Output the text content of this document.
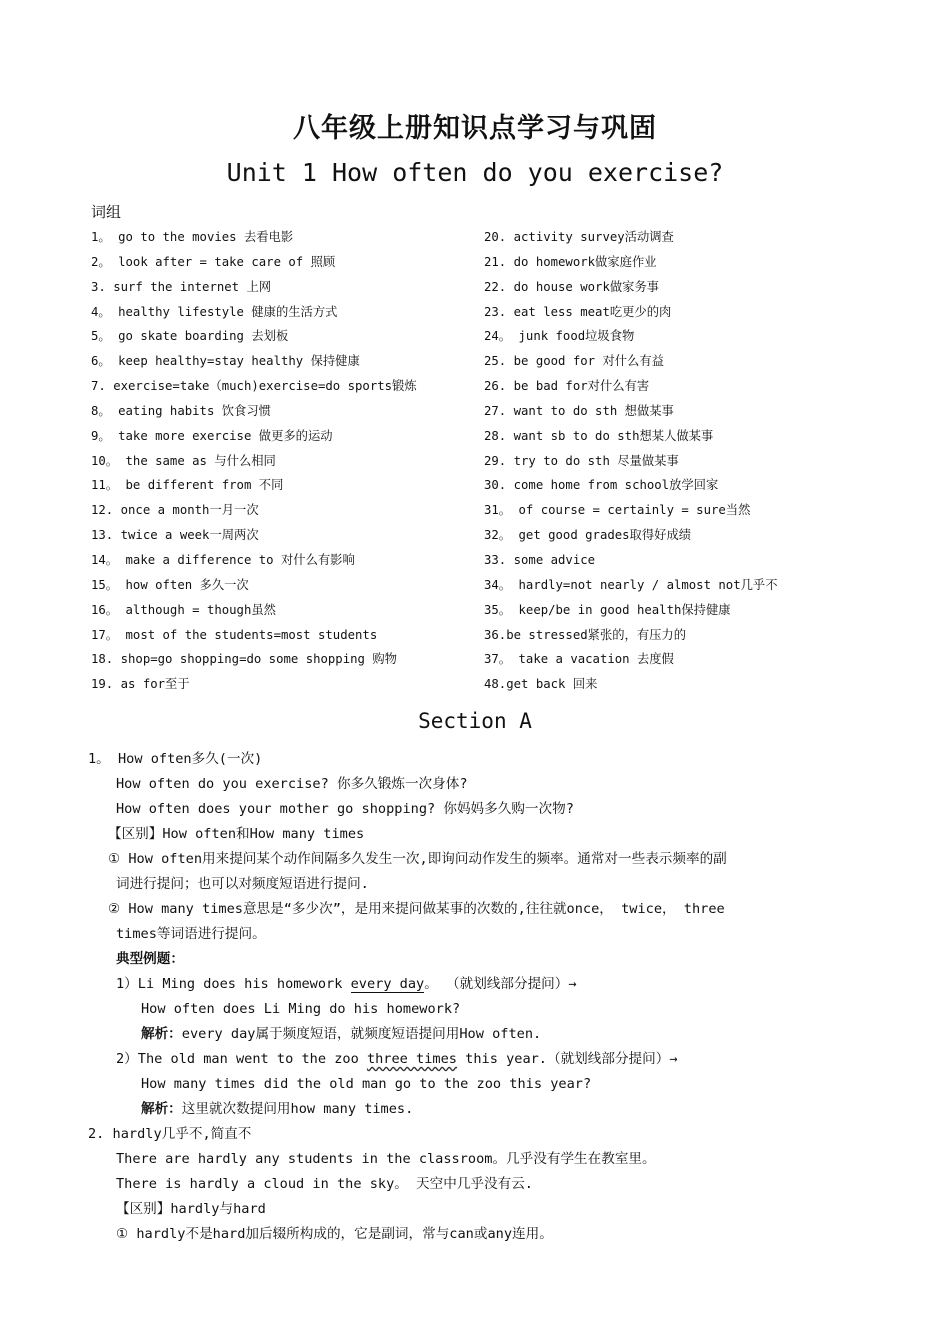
八年级上册知识点学习与巩固
Unit 1 How often do you exercise?
词组
1。 go to the movies 去看电影
2。 look after = take care of 照顾
3. surf the internet 上网
4。 healthy lifestyle 健康的生活方式
5。 go skate boarding 去划板
6。 keep healthy=stay healthy 保持健康
7. exercise=take（much)exercise=do sports锻炼
8。 eating habits 饮食习惯
9。 take more exercise 做更多的运动
10。 the same as 与什么相同
11。 be different from 不同
12. once a month一月一次
13. twice a week一周两次
14。 make a difference to 对什么有影响
15。 how often 多久一次
16。 although = though虽然
17。 most of the students=most students
18. shop=go shopping=do some shopping 购物
19. as for至于
20. activity survey活动调查
21. do homework做家庭作业
22. do house work做家务事
23. eat less meat吃更少的肉
24。 junk food垃圾食物
25. be good for 对什么有益
26. be bad for对什么有害
27. want to do sth 想做某事
28. want sb to do sth想某人做某事
29. try to do sth 尽量做某事
30. come home from school放学回家
31。 of course = certainly = sure当然
32。 get good grades取得好成绩
33. some advice
34。 hardly=not nearly / almost not几乎不
35。 keep/be in good health保持健康
36.be stressed紧张的，有压力的
37。 take a vacation 去度假
48.get back 回来
Section A
1。 How often多久(一次)
How often do you exercise? 你多久锻炼一次身体?
How often does your mother go shopping? 你妈妈多久购一次物?
【区别】How often和How many times
① How often用来提问某个动作间隔多久发生一次,即询问动作发生的频率。通常对一些表示频率的副
词进行提问；也可以对频度短语进行提问.
② How many times意思是“多少次”，是用来提问做某事的次数的,往往就once， twice， three
times等词语进行提问。
典型例题：
1）Li Ming does his homework every day。 （就划线部分提问）→
How often does Li Ming do his homework?
解析：every day属于频度短语，就频度短语提问用How often.
2）The old man went to the zoo three times this year.（就划线部分提问）→
How many times did the old man go to the zoo this year?
解析：这里就次数提问用how many times.
2. hardly几乎不,简直不
There are hardly any students in the classroom。几乎没有学生在教室里。
There is hardly a cloud in the sky。 天空中几乎没有云.
【区别】hardly与hard
① hardly不是hard加后辍所构成的，它是副词，常与can或any连用。
